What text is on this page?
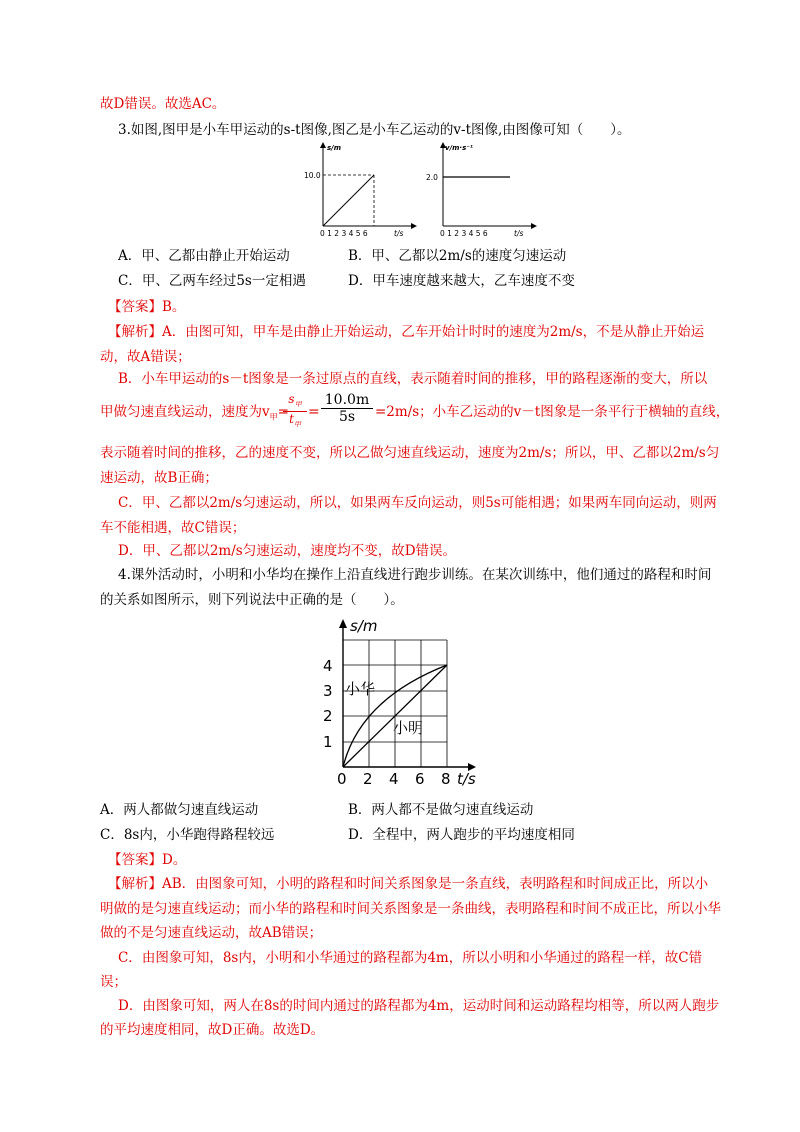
故D错误。故选AC。
3.如图,图甲是小车甲运动的s-t图像,图乙是小车乙运动的v-t图像,由图像可知（　　）。
s/m
10.0
0 1 2 3 4 5 6	t/s
v/m·s⁻¹
2.0
0 1 2 3 4 5 6	t/s
A．甲、乙都由静止开始运动	B．甲、乙都以2m/s的速度匀速运动
C．甲、乙两车经过5s一定相遇	D．甲车速度越来越大，乙车速度不变
【答案】B。
【解析】A．由图可知，甲车是由静止开始运动，乙车开始计时时的速度为2m/s，不是从静止开始运
动，故A错误；
B．小车甲运动的s－t图象是一条过原点的直线，表示随着时间的推移，甲的路程逐渐的变大，所以
甲做匀速直线运动，速度为$v_甲=$
$s_甲$
$t_甲$
= $\frac{10.0m}{5s} =2m/s$；小车乙运动的v－t图象是一条平行于横轴的直线，
表示随着时间的推移，乙的速度不变，所以乙做匀速直线运动，速度为2m/s；所以，甲、乙都以2m/s匀
速运动，故B正确；
C．甲、乙都以2m/s匀速运动，所以，如果两车反向运动，则5s可能相遇；如果两车同向运动，则两
车不能相遇，故C错误；
D．甲、乙都以2m/s匀速运动，速度均不变，故D错误。
4.课外活动时，小明和小华均在操作上沿直线进行跑步训练。在某次训练中，他们通过的路程和时间
的关系如图所示，则下列说法中正确的是（　　）。
s/m
4
3
2
1
0 2 4 6 8 t/s
小华
小明
A．两人都做匀速直线运动	B．两人都不是做匀速直线运动
C．8s内，小华跑得路程较远	D．全程中，两人跑步的平均速度相同
【答案】D。
【解析】AB．由图象可知，小明的路程和时间关系图象是一条直线，表明路程和时间成正比，所以小
明做的是匀速直线运动；而小华的路程和时间关系图象是一条曲线，表明路程和时间不成正比，所以小华
做的不是匀速直线运动，故AB错误；
C．由图象可知，8s内，小明和小华通过的路程都为4m，所以小明和小华通过的路程一样，故C错
误；
D．由图象可知，两人在8s的时间内通过的路程都为4m，运动时间和运动路程均相等，所以两人跑步
的平均速度相同，故D正确。故选D。
